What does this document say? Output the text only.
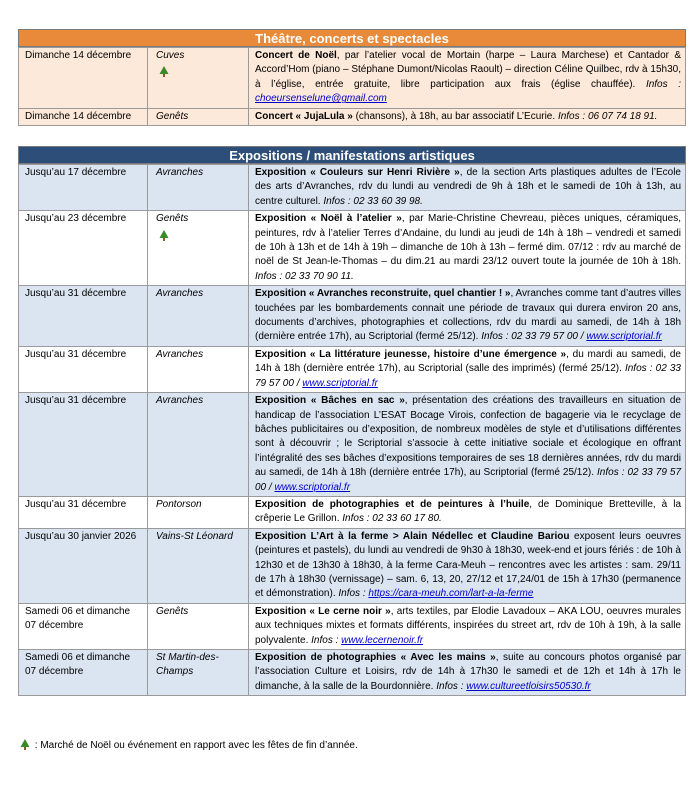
Théâtre, concerts et spectacles
Dimanche 14 décembre	Cuves	Concert de Noël, par l’atelier vocal de Mortain (harpe – Laura Marchese) et Cantador & Accord’Hom (piano – Stéphane Dumont/Nicolas Raoult) – direction Céline Quilbec, rdv à 15h30, à l’église, entrée gratuite, libre participation aux frais (église chauffée). Infos : choeursenselune@gmail.com
Dimanche 14 décembre	Genêts	Concert « JujaLula » (chansons), à 18h, au bar associatif L’Ecurie. Infos : 06 07 74 18 91.
Expositions / manifestations artistiques
Jusqu’au 17 décembre	Avranches	Exposition « Couleurs sur Henri Rivière », de la section Arts plastiques adultes de l’Ecole des arts d’Avranches, rdv du lundi au vendredi de 9h à 18h et le samedi de 10h à 13h, au centre culturel. Infos : 02 33 60 39 98.
Jusqu’au 23 décembre	Genêts	Exposition « Noël à l’atelier », par Marie-Christine Chevreau, pièces uniques, céramiques, peintures, rdv à l’atelier Terres d’Andaine, du lundi au jeudi de 14h à 18h – vendredi et samedi de 10h à 13h et de 14h à 19h – dimanche de 10h à 13h – fermé dim. 07/12 : rdv au marché de noël de St Jean-le-Thomas – du dim.21 au mardi 23/12 ouvert toute la journée de 10h à 18h. Infos : 02 33 70 90 11.
Jusqu’au 31 décembre	Avranches	Exposition « Avranches reconstruite, quel chantier ! », Avranches comme tant d’autres villes touchées par les bombardements connait une période de travaux qui durera environ 20 ans, documents d’archives, photographies et collections, rdv du mardi au samedi, de 14h à 18h (dernière entrée 17h), au Scriptorial (fermé 25/12). Infos : 02 33 79 57 00 / www.scriptorial.fr
Jusqu’au 31 décembre	Avranches	Exposition « La littérature jeunesse, histoire d’une émergence », du mardi au samedi, de 14h à 18h (dernière entrée 17h), au Scriptorial (salle des imprimés) (fermé 25/12). Infos : 02 33 79 57 00 / www.scriptorial.fr
Jusqu’au 31 décembre	Avranches	Exposition « Bâches en sac », présentation des créations des travailleurs en situation de handicap de l’association L’ESAT Bocage Virois, confection de bagagerie via le recyclage de bâches publicitaires ou d’exposition, de nombreux modèles de style et d’utilisations différentes sont à découvrir ; le Scriptorial s’associe à cette initiative sociale et écologique en offrant l’intégralité des ses bâches d’expositions temporaires de ses 18 dernières années, rdv du mardi au samedi, de 14h à 18h (dernière entrée 17h), au Scriptorial (fermé 25/12). Infos : 02 33 79 57 00 / www.scriptorial.fr
Jusqu’au 31 décembre	Pontorson	Exposition de photographies et de peintures à l’huile, de Dominique Bretteville, à la crêperie Le Grillon. Infos : 02 33 60 17 80.
Jusqu’au 30 janvier 2026	Vains-St Léonard	Exposition L’Art à la ferme > Alain Nédellec et Claudine Bariou exposent leurs oeuvres (peintures et pastels), du lundi au vendredi de 9h30 à 18h30, week-end et jours fériés : de 10h à 12h30 et de 13h30 à 18h30, à la ferme Cara-Meuh – rencontres avec les artistes : sam. 29/11 de 17h à 18h30 (vernissage) – sam. 6, 13, 20, 27/12 et 17,24/01 de 15h à 17h30 (permanence et démonstration). Infos : https://cara-meuh.com/lart-a-la-ferme
Samedi 06 et dimanche 07 décembre	Genêts	Exposition « Le cerne noir », arts textiles, par Elodie Lavadoux – AKA LOU, oeuvres murales aux techniques mixtes et formats différents, inspirées du street art, rdv de 10h à 19h, à la salle polyvalente. Infos : www.lecernenoir.fr
Samedi 06 et dimanche 07 décembre	St Martin-des-Champs	Exposition de photographies « Avec les mains », suite au concours photos organisé par l’association Culture et Loisirs, rdv de 14h à 17h30 le samedi et de 12h et 14h à 17h le dimanche, à la salle de la Bourdonnière. Infos : www.cultureetloisirs50530.fr
: Marché de Noël ou événement en rapport avec les fêtes de fin d’année.
